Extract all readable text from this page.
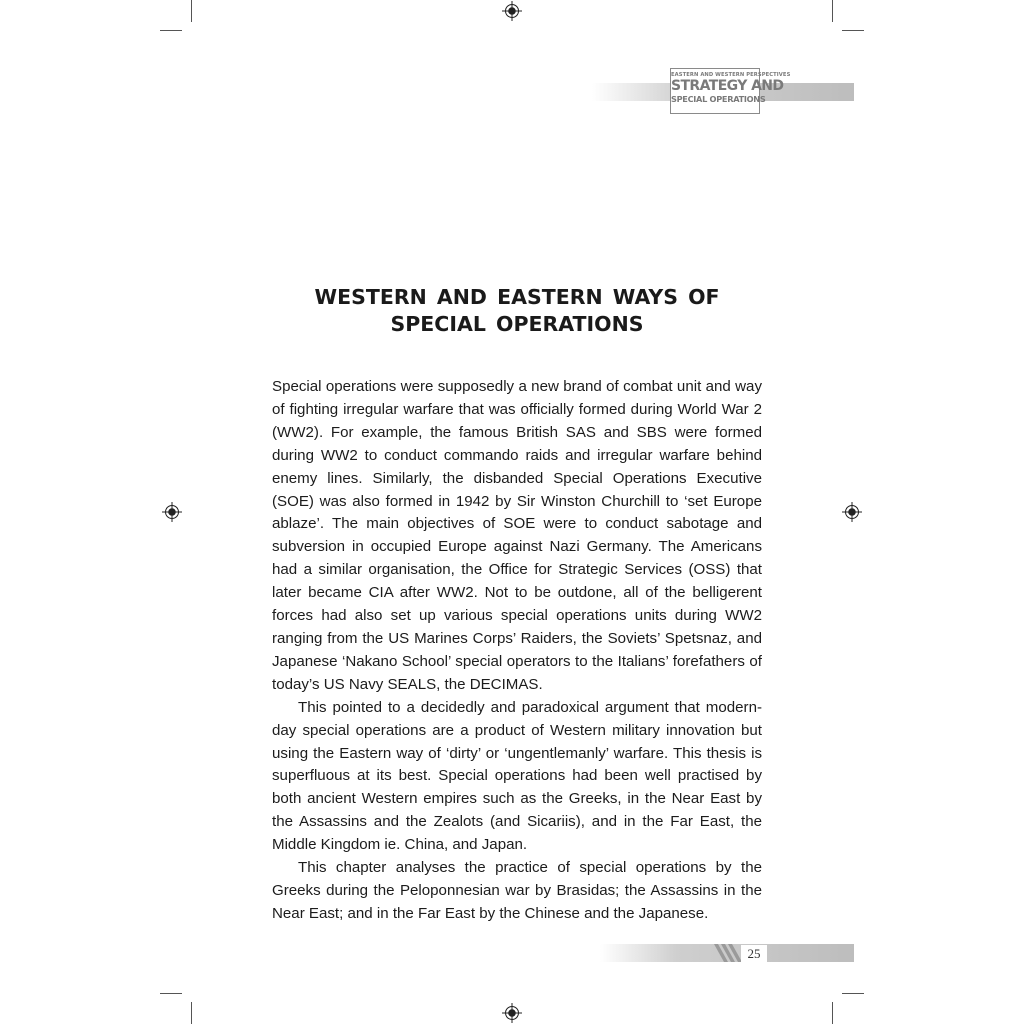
EASTERN AND WESTERN PERSPECTIVES
STRATEGY AND
SPECIAL OPERATIONS
WESTERN AND EASTERN WAYS OF
SPECIAL OPERATIONS

Special operations were supposedly a new brand of combat unit and way of fighting irregular warfare that was officially formed during World War 2 (WW2). For example, the famous British SAS and SBS were formed during WW2 to conduct commando raids and irregular warfare behind enemy lines. Similarly, the disbanded Special Operations Executive (SOE) was also formed in 1942 by Sir Winston Churchill to ‘set Europe ablaze’. The main objectives of SOE were to conduct sabotage and subversion in occupied Europe against Nazi Germany. The Americans had a similar organisation, the Office for Strategic Services (OSS) that later became CIA after WW2. Not to be outdone, all of the belligerent forces had also set up various special operations units during WW2 ranging from the US Marines Corps’ Raiders, the Soviets’ Spetsnaz, and Japanese ‘Nakano School’ special operators to the Italians’ forefathers of today’s US Navy SEALS, the DECIMAS.

This pointed to a decidedly and paradoxical argument that modern-day special operations are a product of Western military innovation but using the Eastern way of ‘dirty’ or ‘ungentlemanly’ warfare. This thesis is superfluous at its best. Special operations had been well practised by both ancient Western empires such as the Greeks, in the Near East by the Assassins and the Zealots (and Sicariis), and in the Far East, the Middle Kingdom ie. China, and Japan.

This chapter analyses the practice of special operations by the Greeks during the Peloponnesian war by Brasidas; the Assassins in the Near East; and in the Far East by the Chinese and the Japanese.

25
